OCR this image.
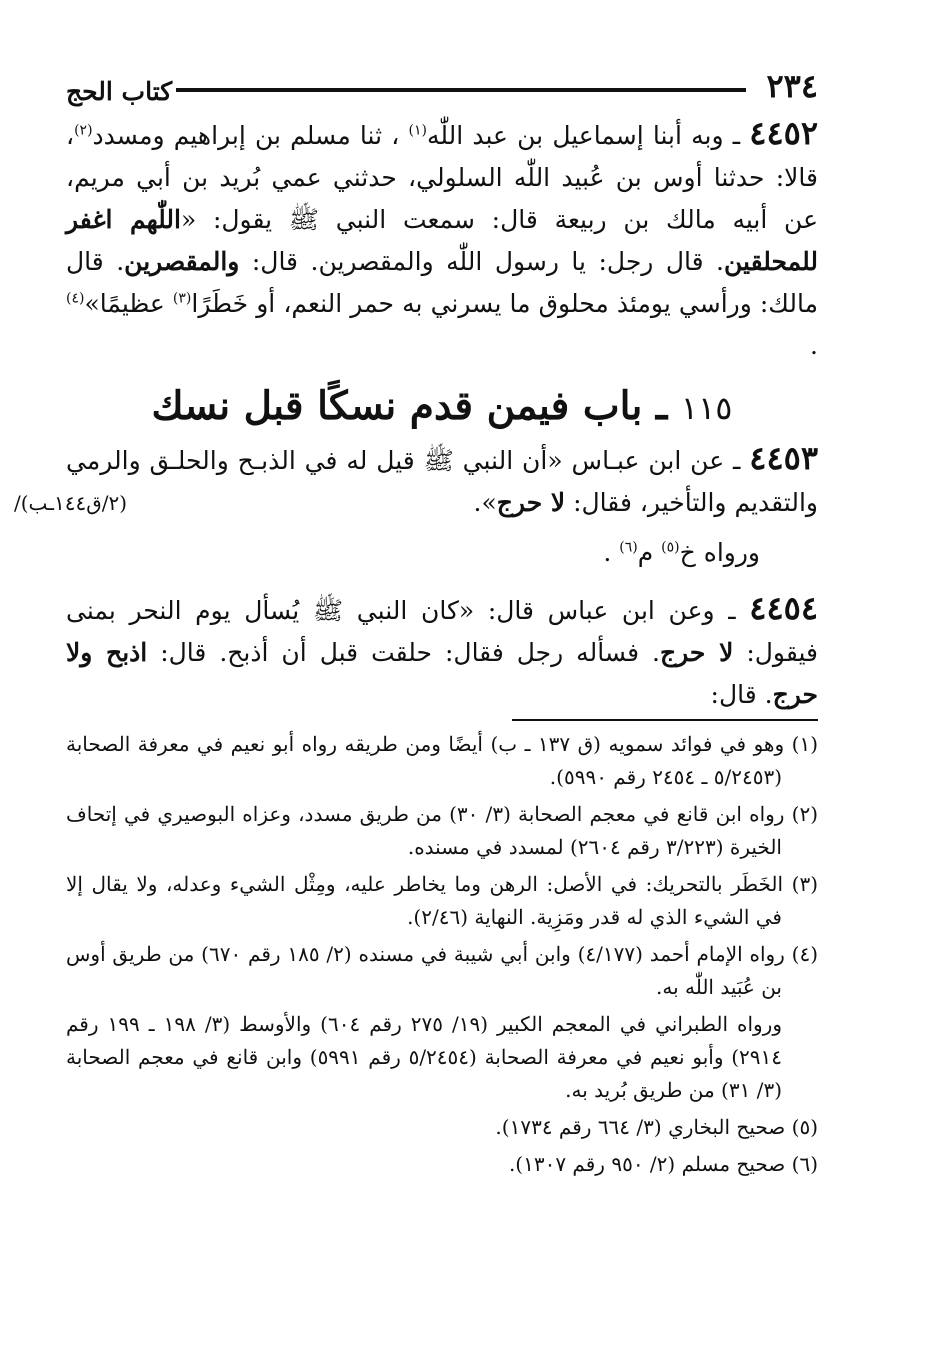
٢٣٤
كتاب الحج

٤٤٥٢ ـ وبه أبنا إسماعيل بن عبد اللّٰه$^{(١)}$ ، ثنا مسلم بن إبراهيم ومسدد$^{(٢)}$، قالا: حدثنا أوس بن عُبيد اللّٰه السلولي، حدثني عمي بُريد بن أبي مريم، عن أبيه مالك بن ربيعة قال: سمعت النبي ﷺ يقول: «اللّٰهم اغفر للمحلقين. قال رجل: يا رسول اللّٰه والمقصرين. قال: والمقصرين. قال مالك: ورأسي يومئذ محلوق ما يسرني به حمر النعم، أو خَطَرًا$^{(٣)}$ عظيمًا»$^{(٤)}$ .

١١٥ ـ باب فيمن قدم نسكًا قبل نسك

٤٤٥٣ ـ عن ابن عبـاس «أن النبي ﷺ قيل له في الذبـح والحلـق والرمي والتقديم والتأخير، فقال: لا حرج».

(٢/ق١٤٤ـب)/
ورواه خ$^{(٥)}$ م$^{(٦)}$ .

٤٤٥٤ ـ وعن ابن عباس قال: «كان النبي ﷺ يُسأل يوم النحر بمنى فيقول: لا حرج. فسأله رجل فقال: حلقت قبل أن أذبح. قال: اذبح ولا حرج. قال:

(١) وهو في فوائد سمويه (ق ١٣٧ ـ ب) أيضًا ومن طريقه رواه أبو نعيم في معرفة الصحابة (٥/٢٤٥٣ ـ ٢٤٥٤ رقم ٥٩٩٠).

(٢) رواه ابن قانع في معجم الصحابة (٣/ ٣٠) من طريق مسدد، وعزاه البوصيري في إتحاف الخيرة (٣/٢٢٣ رقم ٢٦٠٤) لمسدد في مسنده.

(٣) الخَطَر بالتحريك: في الأصل: الرهن وما يخاطر عليه، ومِثْل الشيء وعدله، ولا يقال إلا في الشيء الذي له قدر ومَزِية. النهاية (٢/٤٦).

(٤) رواه الإمام أحمد (٤/١٧٧) وابن أبي شيبة في مسنده (٢/ ١٨٥ رقم ٦٧٠) من طريق أوس بن عُبَيد اللّٰه به.

ورواه الطبراني في المعجم الكبير (١٩/ ٢٧٥ رقم ٦٠٤) والأوسط (٣/ ١٩٨ ـ ١٩٩ رقم ٢٩١٤) وأبو نعيم في معرفة الصحابة (٥/٢٤٥٤ رقم ٥٩٩١) وابن قانع في معجم الصحابة (٣/ ٣١) من طريق بُريد به.

(٥) صحيح البخاري (٣/ ٦٦٤ رقم ١٧٣٤).

(٦) صحيح مسلم (٢/ ٩٥٠ رقم ١٣٠٧).
